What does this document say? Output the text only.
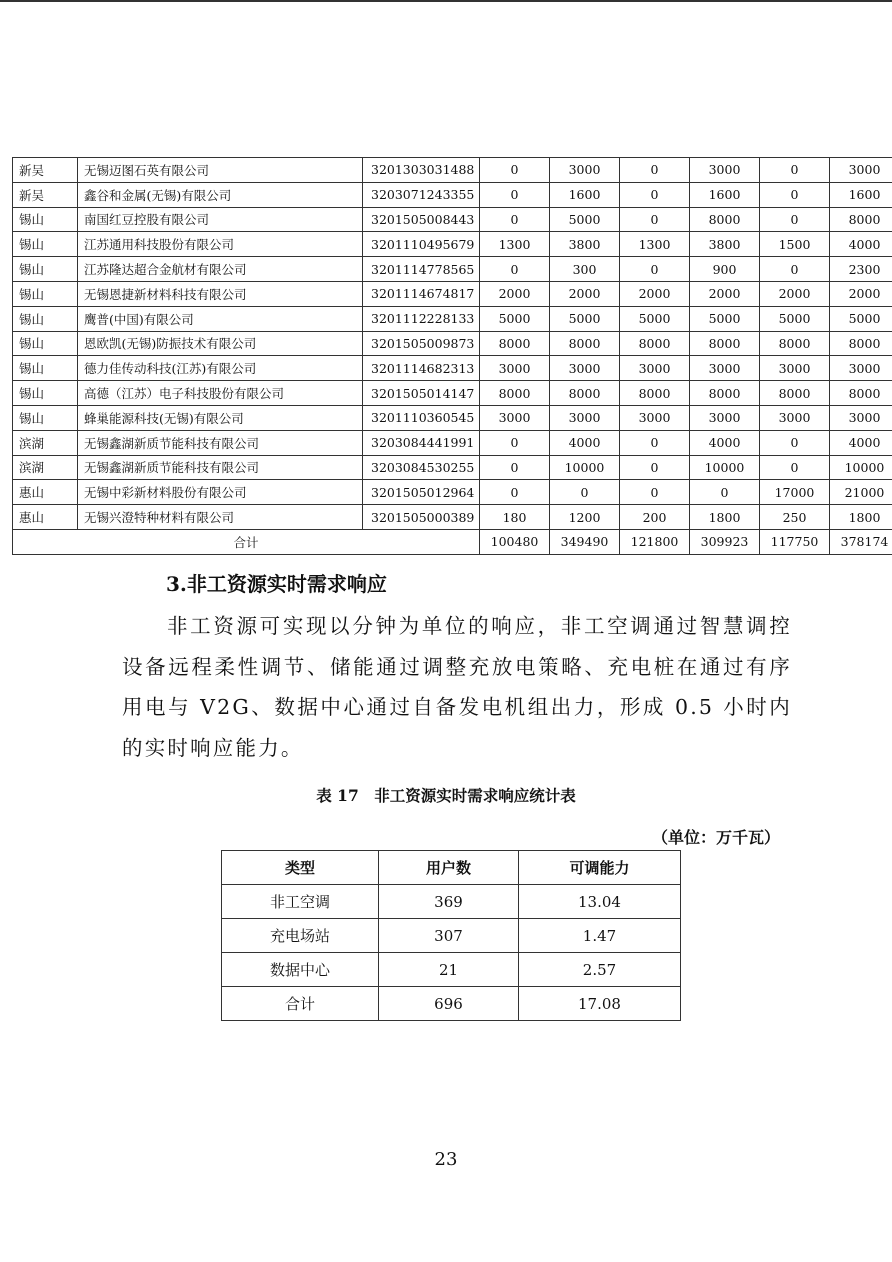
新吴	无锡迈图石英有限公司	3201303031488	0	3000	0	3000	0	3000
新吴	鑫谷和金属(无锡)有限公司	3203071243355	0	1600	0	1600	0	1600
锡山	南国红豆控股有限公司	3201505008443	0	5000	0	8000	0	8000
锡山	江苏通用科技股份有限公司	3201110495679	1300	3800	1300	3800	1500	4000
锡山	江苏隆达超合金航材有限公司	3201114778565	0	300	0	900	0	2300
锡山	无锡恩捷新材料科技有限公司	3201114674817	2000	2000	2000	2000	2000	2000
锡山	鹰普(中国)有限公司	3201112228133	5000	5000	5000	5000	5000	5000
锡山	恩欧凯(无锡)防振技术有限公司	3201505009873	8000	8000	8000	8000	8000	8000
锡山	德力佳传动科技(江苏)有限公司	3201114682313	3000	3000	3000	3000	3000	3000
锡山	高德（江苏）电子科技股份有限公司	3201505014147	8000	8000	8000	8000	8000	8000
锡山	蜂巢能源科技(无锡)有限公司	3201110360545	3000	3000	3000	3000	3000	3000
滨湖	无锡鑫湖新质节能科技有限公司	3203084441991	0	4000	0	4000	0	4000
滨湖	无锡鑫湖新质节能科技有限公司	3203084530255	0	10000	0	10000	0	10000
惠山	无锡中彩新材料股份有限公司	3201505012964	0	0	0	0	17000	21000
惠山	无锡兴澄特种材料有限公司	3201505000389	180	1200	200	1800	250	1800
合计			100480	349490	121800	309923	117750	378174
3.非工资源实时需求响应
非工资源可实现以分钟为单位的响应，非工空调通过智慧调控设备远程柔性调节、储能通过调整充放电策略、充电桩在通过有序用电与 V2G、数据中心通过自备发电机组出力，形成 0.5 小时内的实时响应能力。
表 17　非工资源实时需求响应统计表
（单位：万千瓦）
类型	用户数	可调能力
非工空调	369	13.04
充电场站	307	1.47
数据中心	21	2.57
合计	696	17.08
23
